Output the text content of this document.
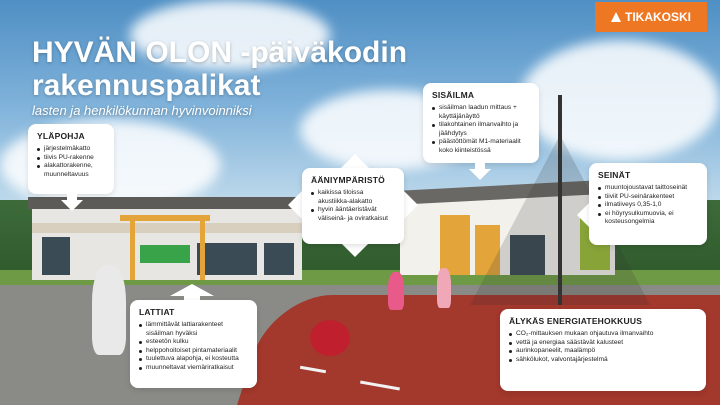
TIKAKOSKI
HYVÄN OLON -päiväkodin rakennuspalikat
lasten ja henkilökunnan hyvinvoinniksi
YLÄPOHJA
järjestelmäkatto
tiivis PU-rakenne
alakattorakenne, muunneltavuus
SISÄILMA
sisäilman laadun mittaus + käyttäjänäyttö
tilakohtainen ilmanvaihto ja jäähdytys
päästöttömät M1-materiaalit koko kiinteistössä
ÄÄNIYMPÄRISTÖ
kaikissa tiloissa akustiikka-alakatto
hyvin ääntäeristävät väliseinä- ja oviratkaisut
SEINÄT
muuntojoustavat taittoseinät
tiiviit PU-seinärakenteet
ilmatiiveys 0,35-1,0
ei höyrysulkumuovia, ei kosteusongelmia
LATTIAT
lämmittävät lattiarakenteet sisäilman hyväksi
esteetön kulku
helppohoitoiset pintamateriaalit
tuulettuva alapohja, ei kosteutta
muunneltavat viemäriratkaisut
ÄLYKÄS ENERGIATEHOKKUUS
CO₂-mittauksen mukaan ohjautuva ilmanvaihto
vettä ja energiaa säästävät kalusteet
aurinkopaneelit, maalämpö
sähkölukot, valvontajärjestelmä
